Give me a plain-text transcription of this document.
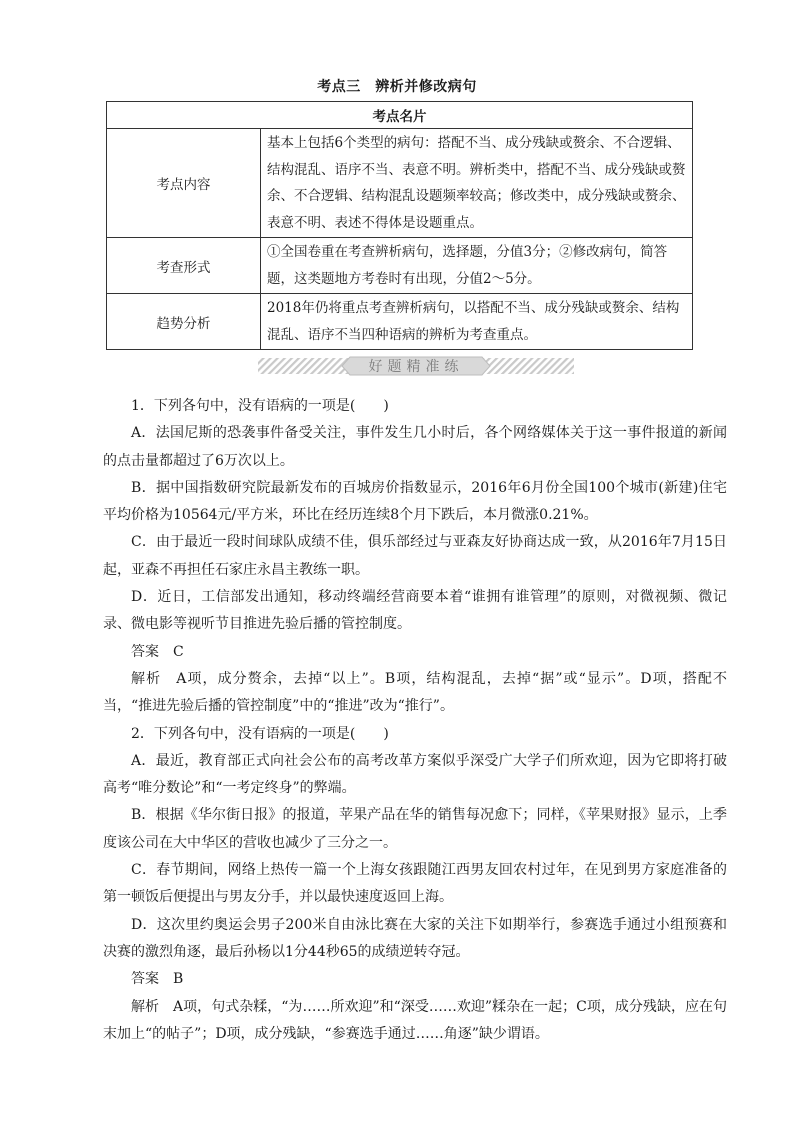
考点三　辨析并修改病句
考点名片	
考点内容	基本上包括6个类型的病句：搭配不当、成分残缺或赘余、不合逻辑、结构混乱、语序不当、表意不明。辨析类中，搭配不当、成分残缺或赘余、不合逻辑、结构混乱设题频率较高；修改类中，成分残缺或赘余、表意不明、表述不得体是设题重点。
考查形式	①全国卷重在考查辨析病句，选择题，分值3分；②修改病句，简答题，这类题地方考卷时有出现，分值2～5分。
趋势分析	2018年仍将重点考查辨析病句，以搭配不当、成分残缺或赘余、结构混乱、语序不当四种语病的辨析为考查重点。
好题精准练

1．下列各句中，没有语病的一项是(　　)

A．法国尼斯的恐袭事件备受关注，事件发生几小时后，各个网络媒体关于这一事件报道的新闻的点击量都超过了6万次以上。

B．据中国指数研究院最新发布的百城房价指数显示，2016年6月份全国100个城市(新建)住宅平均价格为10564元/平方米，环比在经历连续8个月下跌后，本月微涨0.21%。

C．由于最近一段时间球队成绩不佳，俱乐部经过与亚森友好协商达成一致，从2016年7月15日起，亚森不再担任石家庄永昌主教练一职。

D．近日，工信部发出通知，移动终端经营商要本着“谁拥有谁管理”的原则，对微视频、微记录、微电影等视听节目推进先验后播的管控制度。

答案　C

解析　A项，成分赘余，去掉“以上”。B项，结构混乱，去掉“据”或“显示”。D项，搭配不当，“推进先验后播的管控制度”中的“推进”改为“推行”。

2．下列各句中，没有语病的一项是(　　)

A．最近，教育部正式向社会公布的高考改革方案似乎深受广大学子们所欢迎，因为它即将打破高考“唯分数论”和“一考定终身”的弊端。

B．根据《华尔街日报》的报道，苹果产品在华的销售每况愈下；同样，《苹果财报》显示，上季度该公司在大中华区的营收也减少了三分之一。

C．春节期间，网络上热传一篇一个上海女孩跟随江西男友回农村过年，在见到男方家庭准备的第一顿饭后便提出与男友分手，并以最快速度返回上海。

D．这次里约奥运会男子200米自由泳比赛在大家的关注下如期举行，参赛选手通过小组预赛和决赛的激烈角逐，最后孙杨以1分44秒65的成绩逆转夺冠。

答案　B

解析　A项，句式杂糅，“为……所欢迎”和“深受……欢迎”糅杂在一起；C项，成分残缺，应在句末加上“的帖子”；D项，成分残缺，“参赛选手通过……角逐”缺少谓语。
